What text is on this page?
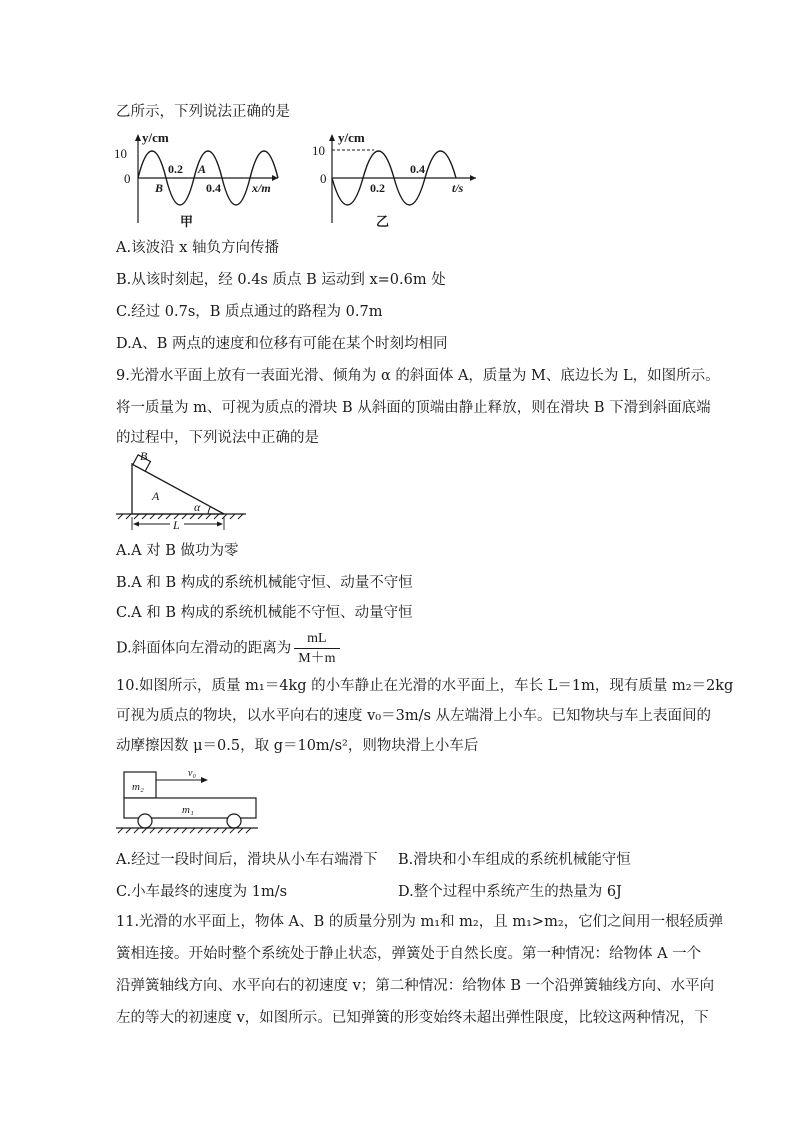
乙所示，下列说法正确的是
10
0
y/cm
0.2 A
B	0.4	x/m
甲
10
0
y/cm
0.2
0.4
t/s
乙
A.该波沿 x 轴负方向传播
B.从该时刻起，经 0.4s 质点 B 运动到 x=0.6m 处
C.经过 0.7s，B 质点通过的路程为 0.7m
D.A、B 两点的速度和位移有可能在某个时刻均相同
9.光滑水平面上放有一表面光滑、倾角为 α 的斜面体 A，质量为 M、底边长为 L，如图所示。
将一质量为 m、可视为质点的滑块 B 从斜面的顶端由静止释放，则在滑块 B 下滑到斜面底端
的过程中，下列说法中正确的是
B
A
α
L
A.A 对 B 做功为零
B.A 和 B 构成的系统机械能守恒、动量不守恒
C.A 和 B 构成的系统机械能不守恒、动量守恒
D.斜面体向左滑动的距离为 $\frac{mL}{M+m}$
10.如图所示，质量 m₁＝4kg 的小车静止在光滑的水平面上，车长 L＝1m，现有质量 m₂＝2kg
可视为质点的物块，以水平向右的速度 v₀＝3m/s 从左端滑上小车。已知物块与车上表面间的
动摩擦因数 μ＝0.5，取 g＝10m/s²，则物块滑上小车后
m₂
v₀
m₁
A.经过一段时间后，滑块从小车右端滑下 B.滑块和小车组成的系统机械能守恒
C.小车最终的速度为 1m/s	D.整个过程中系统产生的热量为 6J
11.光滑的水平面上，物体 A、B 的质量分别为 m₁和 m₂，且 m₁>m₂，它们之间用一根轻质弹
簧相连接。开始时整个系统处于静止状态，弹簧处于自然长度。第一种情况：给物体 A 一个
沿弹簧轴线方向、水平向右的初速度 v；第二种情况：给物体 B 一个沿弹簧轴线方向、水平向
左的等大的初速度 v，如图所示。已知弹簧的形变始终未超出弹性限度，比较这两种情况，下
